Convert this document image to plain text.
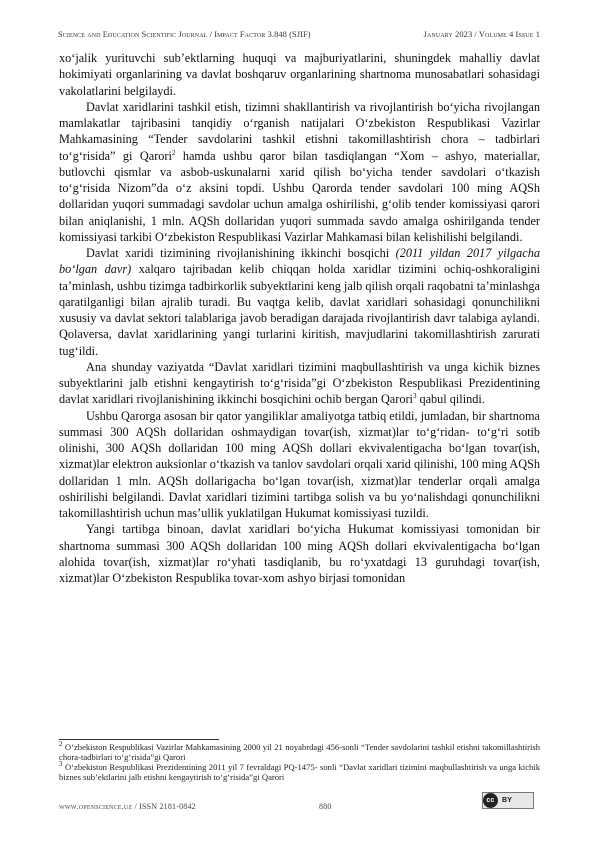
Science and Education Scientific Journal / Impact Factor 3.848 (SJIF)	January 2023 / Volume 4 Issue 1

xo‘jalik yurituvchi sub’ektlarning huquqi va majburiyatlarini, shuningdek mahalliy davlat hokimiyati organlarining va davlat boshqaruv organlarining shartnoma munosabatlari sohasidagi vakolatlarini belgilaydi.

Davlat xaridlarini tashkil etish, tizimni shakllantirish va rivojlantirish bo‘yicha rivojlangan mamlakatlar tajribasini tanqidiy o‘rganish natijalari O‘zbekiston Respublikasi Vazirlar Mahkamasining “Tender savdolarini tashkil etishni takomillashtirish chora – tadbirlari to‘g‘risida” gi Qarori$^2$ hamda ushbu qaror bilan tasdiqlangan “Xom – ashyo, materiallar, butlovchi qismlar va asbob-uskunalarni xarid qilish bo‘yicha tender savdolari o‘tkazish to‘g‘risida Nizom”da o‘z aksini topdi. Ushbu Qarorda tender savdolari 100 ming AQSh dollaridan yuqori summadagi savdolar uchun amalga oshirilishi, g‘olib tender komissiyasi qarori bilan aniqlanishi, 1 mln. AQSh dollaridan yuqori summada savdo amalga oshirilganda tender komissiyasi tarkibi O‘zbekiston Respublikasi Vazirlar Mahkamasi bilan kelishilishi belgilandi.

Davlat xaridi tizimining rivojlanishining ikkinchi bosqichi (2011 yildan 2017 yilgacha bo‘lgan davr) xalqaro tajribadan kelib chiqqan holda xaridlar tizimini ochiq-oshkoraligini ta’minlash, ushbu tizimga tadbirkorlik subyektlarini keng jalb qilish orqali raqobatni ta’minlashga qaratilganligi bilan ajralib turadi. Bu vaqtga kelib, davlat xaridlari sohasidagi qonunchilikni xususiy va davlat sektori talablariga javob beradigan darajada rivojlantirish davr talabiga aylandi. Qolaversa, davlat xaridlarining yangi turlarini kiritish, mavjudlarini takomillashtirish zarurati tug‘ildi.

Ana shunday vaziyatda “Davlat xaridlari tizimini maqbullashtirish va unga kichik biznes subyektlarini jalb etishni kengaytirish to‘g‘risida”gi O‘zbekiston Respublikasi Prezidentining davlat xaridlari rivojlanishining ikkinchi bosqichini ochib bergan Qarori$^3$ qabul qilindi.

Ushbu Qarorga asosan bir qator yangiliklar amaliyotga tatbiq etildi, jumladan, bir shartnoma summasi 300 AQSh dollaridan oshmaydigan tovar(ish, xizmat)lar to‘g‘ridan- to‘g‘ri sotib olinishi, 300 AQSh dollaridan 100 ming AQSh dollari ekvivalentigacha bo‘lgan tovar(ish, xizmat)lar elektron auksionlar o‘tkazish va tanlov savdolari orqali xarid qilinishi, 100 ming AQSh dollaridan 1 mln. AQSh dollarigacha bo‘lgan tovar(ish, xizmat)lar tenderlar orqali amalga oshirilishi belgilandi. Davlat xaridlari tizimini tartibga solish va bu yo‘nalishdagi qonunchilikni takomillashtirish uchun mas’ullik yuklatilgan Hukumat komissiyasi tuzildi.

Yangi tartibga binoan, davlat xaridlari bo‘yicha Hukumat komissiyasi tomonidan bir shartnoma summasi 300 AQSh dollaridan 100 ming AQSh dollari ekvivalentigacha bo‘lgan alohida tovar(ish, xizmat)lar ro‘yhati tasdiqlanib, bu ro‘yxatdagi 13 guruhdagi tovar(ish, xizmat)lar O‘zbekiston Respublika tovar-xom ashyo birjasi tomonidan

$^2$ O‘zbekiston Respublikasi Vazirlar Mahkamasining 2000 yil 21 noyabrdagi 456-sonli “Tender savdolarini tashkil etishni takomillashtirish chora-tadbirlari to‘g‘risida”gi Qarori

$^3$ O‘zbekiston Respublikasi Prezidentining 2011 yil 7 fevraldagi PQ-1475- sonli “Davlat xaridlari tizimini maqbullashtirish va unga kichik biznes sub’ektlarini jalb etishni kengaytirish to‘g‘risida”gi Qarori

www.openscience.uz / ISSN 2181-0842	880
cc	BY
